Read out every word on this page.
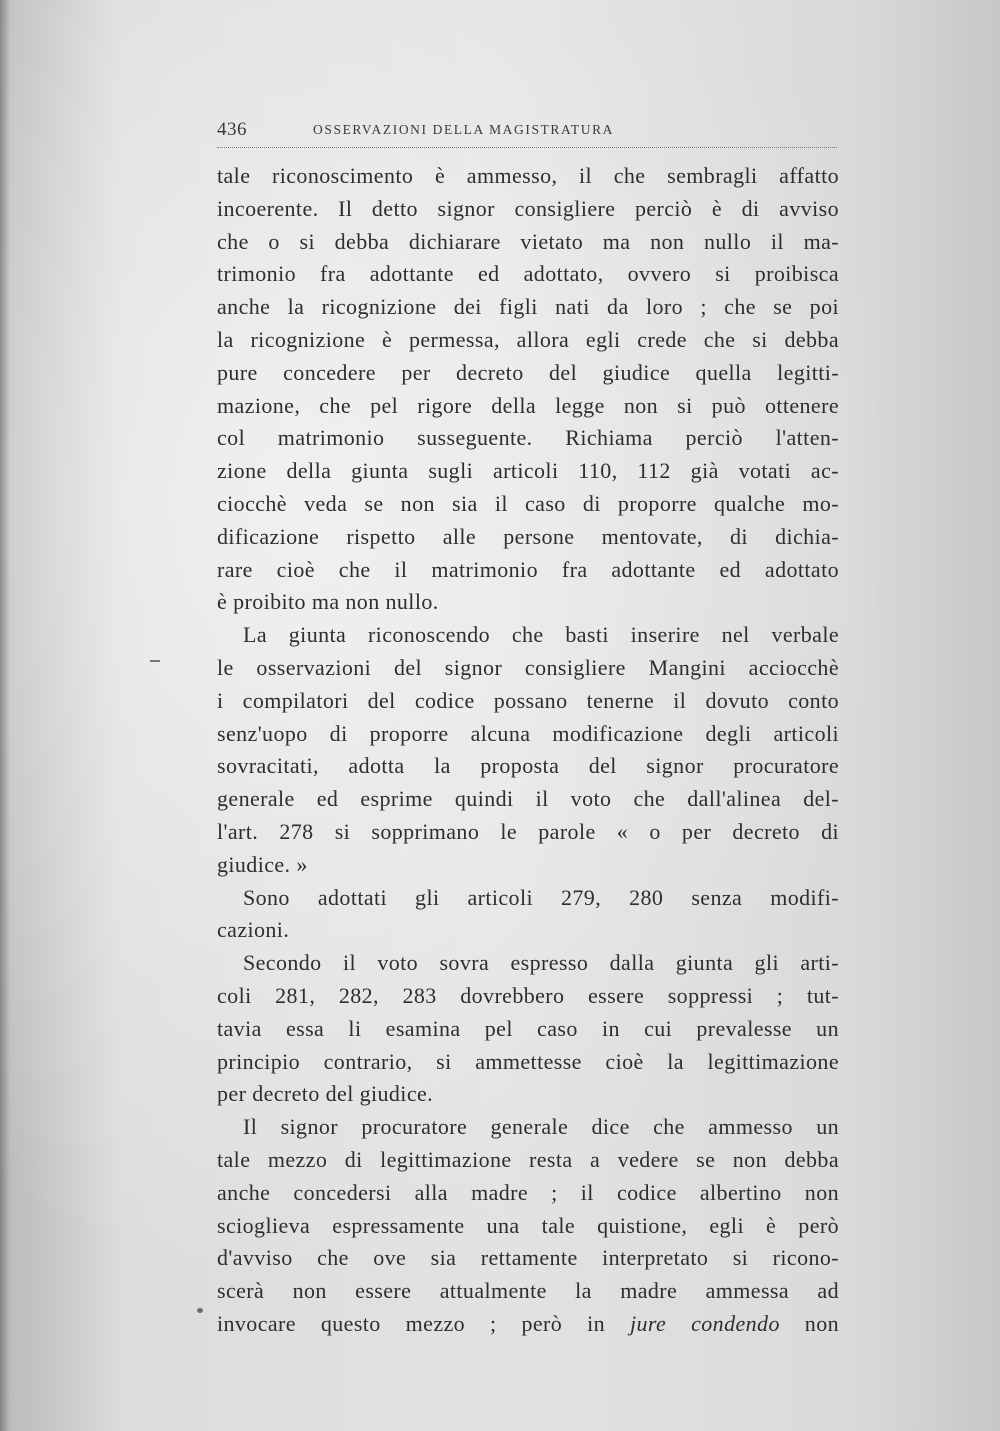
436	OSSERVAZIONI DELLA MAGISTRATURA
tale riconoscimento è ammesso, il che sembragli affatto
incoerente. Il detto signor consigliere perciò è di avviso
che o si debba dichiarare vietato ma non nullo il ma-
trimonio fra adottante ed adottato, ovvero si proibisca
anche la ricognizione dei figli nati da loro ; che se poi
la ricognizione è permessa, allora egli crede che si debba
pure concedere per decreto del giudice quella legitti-
mazione, che pel rigore della legge non si può ottenere
col matrimonio susseguente. Richiama perciò l'atten-
zione della giunta sugli articoli 110, 112 già votati ac-
ciocchè veda se non sia il caso di proporre qualche mo-
dificazione rispetto alle persone mentovate, di dichia-
rare cioè che il matrimonio fra adottante ed adottato
è proibito ma non nullo.
La giunta riconoscendo che basti inserire nel verbale
le osservazioni del signor consigliere Mangini acciocchè
i compilatori del codice possano tenerne il dovuto conto
senz'uopo di proporre alcuna modificazione degli articoli
sovracitati, adotta la proposta del signor procuratore
generale ed esprime quindi il voto che dall'alinea del-
l'art. 278 si sopprimano le parole « o per decreto di
giudice. »
Sono adottati gli articoli 279, 280 senza modifi-
cazioni.
Secondo il voto sovra espresso dalla giunta gli arti-
coli 281, 282, 283 dovrebbero essere soppressi ; tut-
tavia essa li esamina pel caso in cui prevalesse un
principio contrario, si ammettesse cioè la legittimazione
per decreto del giudice.
Il signor procuratore generale dice che ammesso un
tale mezzo di legittimazione resta a vedere se non debba
anche concedersi alla madre ; il codice albertino non
scioglieva espressamente una tale quistione, egli è però
d'avviso che ove sia rettamente interpretato si ricono-
scerà non essere attualmente la madre ammessa ad
invocare questo mezzo ; però in jure condendo non
